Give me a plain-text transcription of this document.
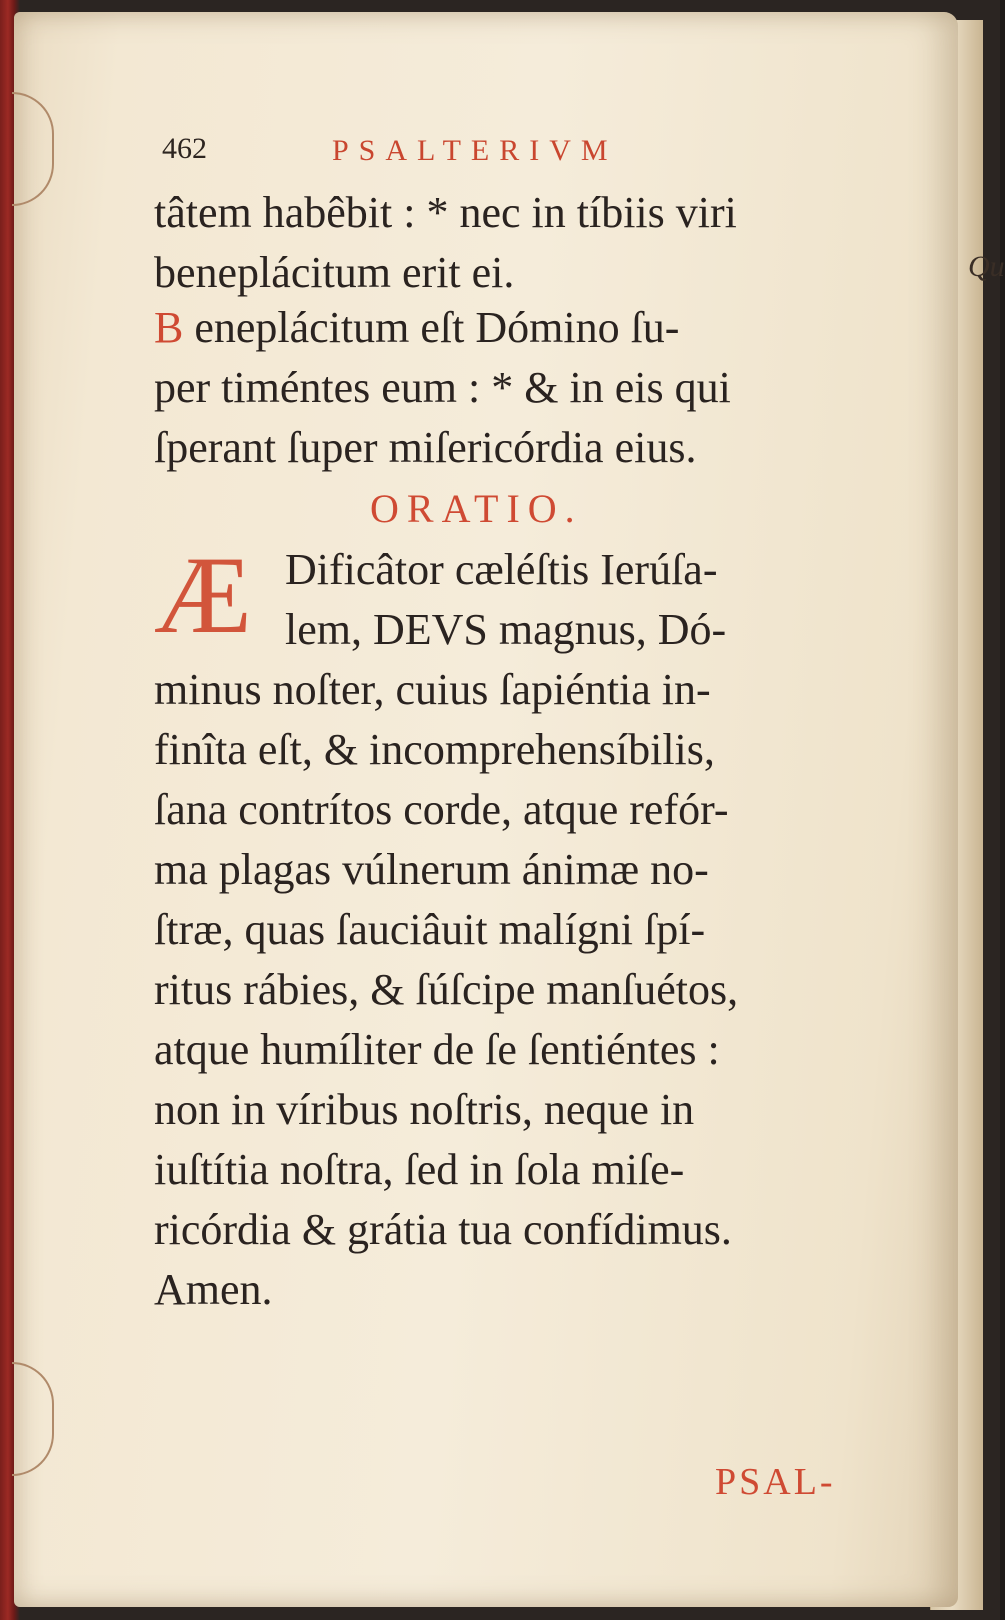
Qu
462	PSALTERIVM
tâtem habêbit : * nec in tíbiis viri
beneplácitum erit ei.
B eneplácitum eſt Dómino ſu-
per timéntes eum : * & in eis qui
ſperant ſuper miſericórdia eius.
ORATIO.
Æ Dificâtor cæléſtis Ierúſa-
lem, DEVS magnus, Dó-
minus noſter, cuius ſapiéntia in-
finîta eſt, & incomprehensíbilis,
ſana contrítos corde, atque refór-
ma plagas vúlnerum ánimæ no-
ſtræ, quas ſauciâuit malígni ſpí-
ritus rábies, & ſúſcipe manſuétos,
atque humíliter de ſe ſentiéntes :
non in víribus noſtris, neque in
iuſtítia noſtra, ſed in ſola miſe-
ricórdia & grátia tua confídimus.
Amen.
PSAL-
